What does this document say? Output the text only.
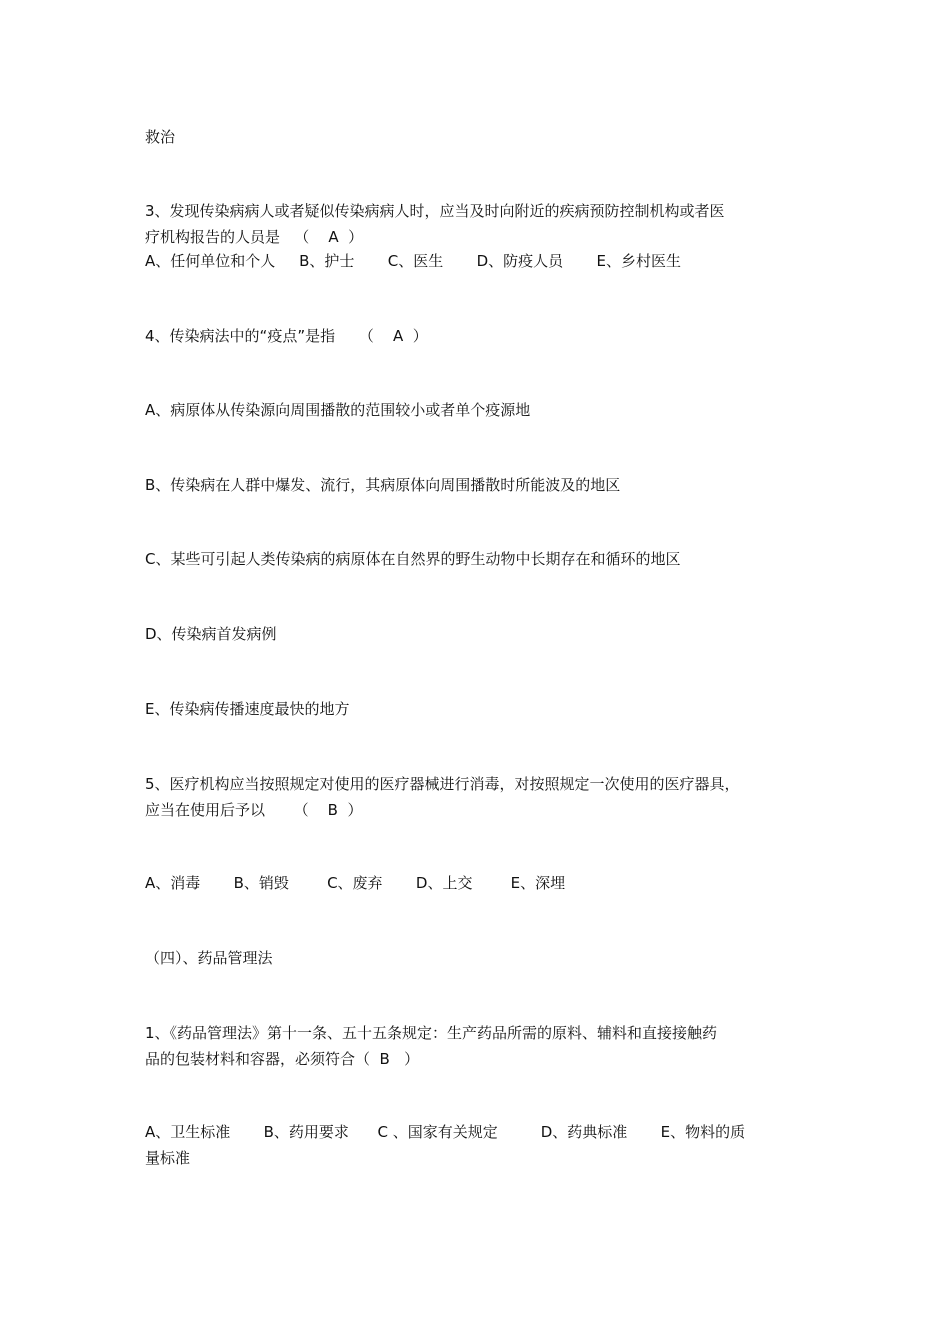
救治

3、发现传染病病人或者疑似传染病病人时，应当及时向附近的疾病预防控制机构或者医
疗机构报告的人员是   （    A  ）

A、任何单位和个人     B、护士       C、医生       D、防疫人员       E、乡村医生

4、传染病法中的“疫点”是指     （    A  ）

A、病原体从传染源向周围播散的范围较小或者单个疫源地

B、传染病在人群中爆发、流行，其病原体向周围播散时所能波及的地区

C、某些可引起人类传染病的病原体在自然界的野生动物中长期存在和循环的地区

D、传染病首发病例

E、传染病传播速度最快的地方

5、医疗机构应当按照规定对使用的医疗器械进行消毒，对按照规定一次使用的医疗器具，
应当在使用后予以      （    B  ）

A、消毒       B、销毁        C、废弃       D、上交        E、深埋

（四）、药品管理法

1、《药品管理法》第十一条、五十五条规定：生产药品所需的原料、辅料和直接接触药
品的包装材料和容器，必须符合（  B   ）
A、卫生标准       B、药用要求      C 、国家有关规定         D、药典标准       E、物料的质
量标准
